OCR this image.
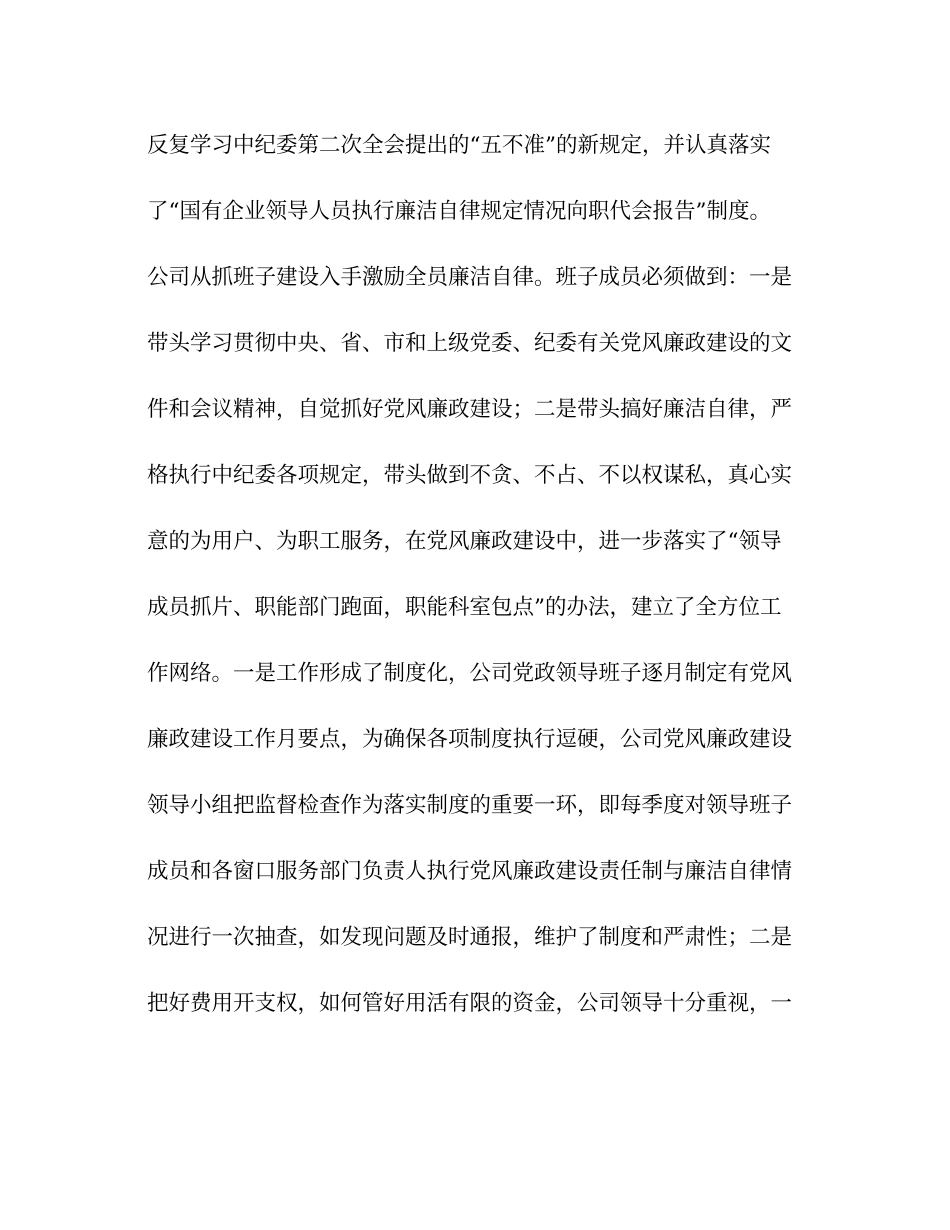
反复学习中纪委第二次全会提出的“五不准”的新规定，并认真落实
了“国有企业领导人员执行廉洁自律规定情况向职代会报告”制度。
公司从抓班子建设入手激励全员廉洁自律。班子成员必须做到：一是
带头学习贯彻中央、省、市和上级党委、纪委有关党风廉政建设的文
件和会议精神，自觉抓好党风廉政建设；二是带头搞好廉洁自律，严
格执行中纪委各项规定，带头做到不贪、不占、不以权谋私，真心实
意的为用户、为职工服务，在党风廉政建设中，进一步落实了“领导
成员抓片、职能部门跑面，职能科室包点”的办法，建立了全方位工
作网络。一是工作形成了制度化，公司党政领导班子逐月制定有党风
廉政建设工作月要点，为确保各项制度执行逗硬，公司党风廉政建设
领导小组把监督检查作为落实制度的重要一环，即每季度对领导班子
成员和各窗口服务部门负责人执行党风廉政建设责任制与廉洁自律情
况进行一次抽查，如发现问题及时通报，维护了制度和严肃性；二是
把好费用开支权，如何管好用活有限的资金，公司领导十分重视，一
